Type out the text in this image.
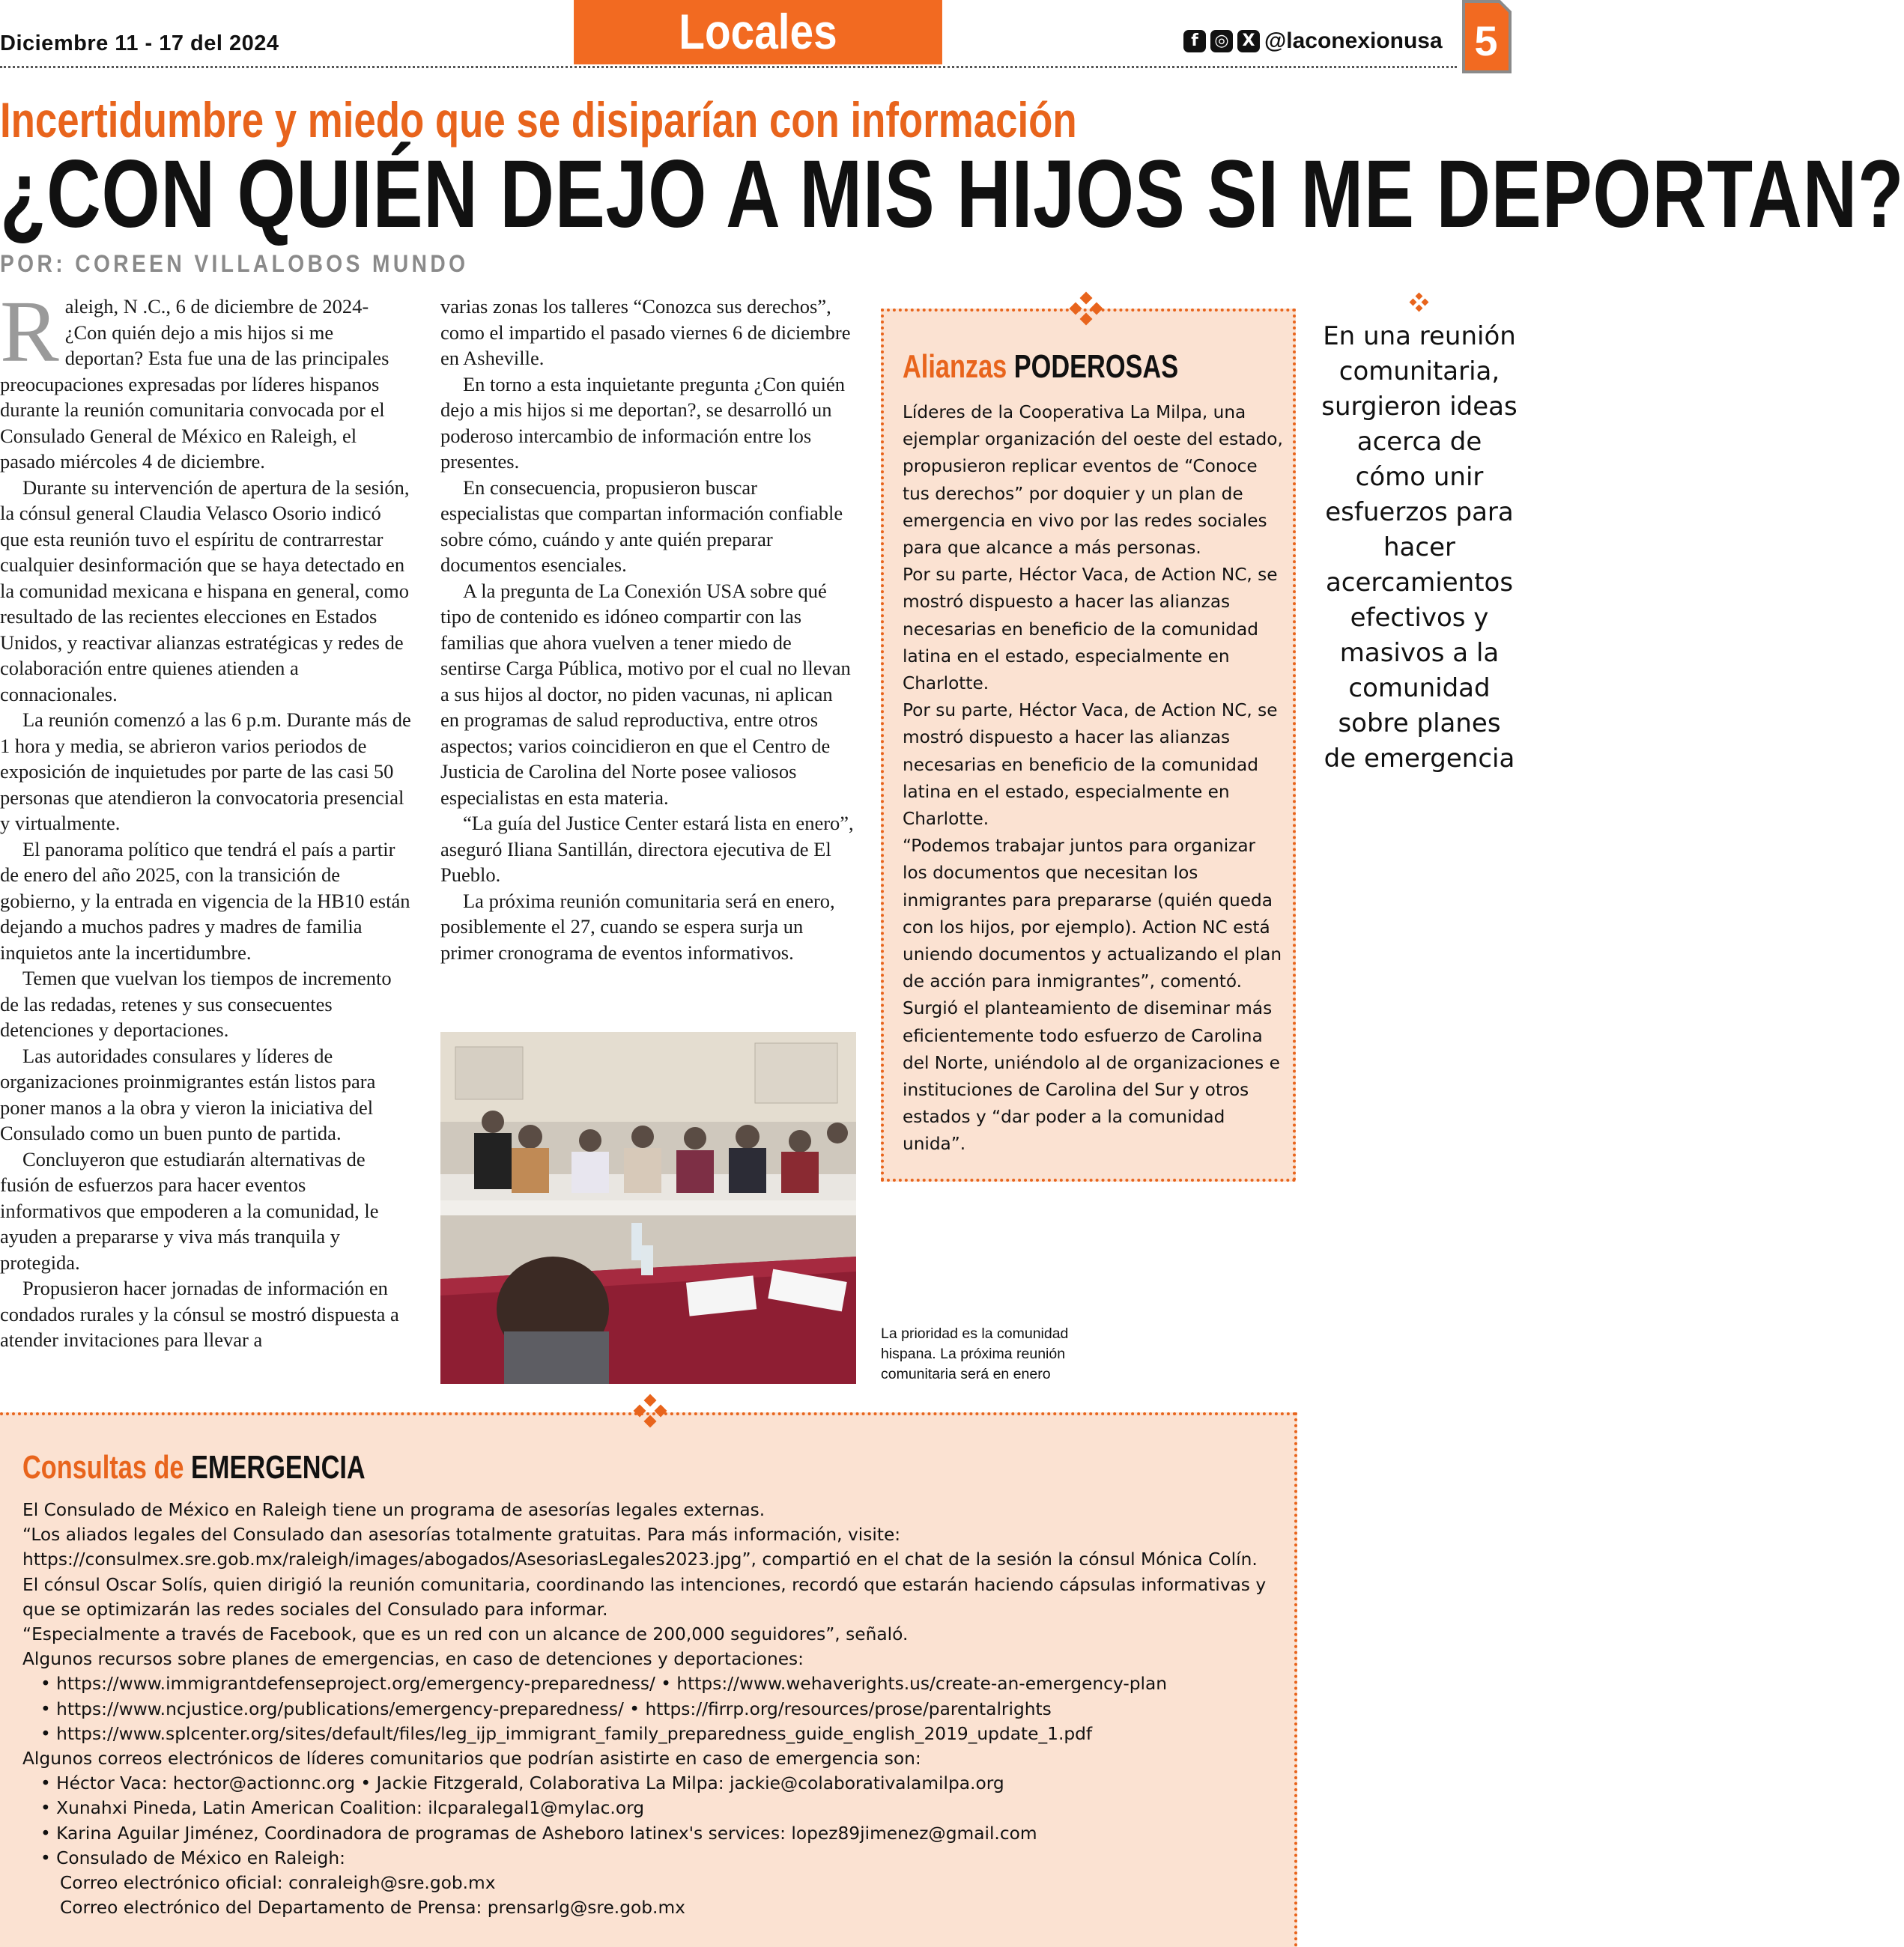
Diciembre 11 - 17 del 2024	Locales	f ◎ X @laconexionusa 5
Incertidumbre y miedo que se disiparían con información
¿CON QUIÉN DEJO A MIS HIJOS SI ME DEPORTAN?
POR: COREEN VILLALOBOS MUNDO

Raleigh, N .C., 6 de diciembre de 2024- ¿Con quién dejo a mis hijos si me deportan? Esta fue una de las principales preocupaciones expresadas por líderes hispanos durante la reunión comunitaria convocada por el Consulado General de México en Raleigh, el pasado miércoles 4 de diciembre.

Durante su intervención de apertura de la sesión, la cónsul general Claudia Velasco Osorio indicó que esta reunión tuvo el espíritu de contrarrestar cualquier desinformación que se haya detectado en la comunidad mexicana e hispana en general, como resultado de las recientes elecciones en Estados Unidos, y reactivar alianzas estratégicas y redes de colaboración entre quienes atienden a connacionales.

La reunión comenzó a las 6 p.m. Durante más de 1 hora y media, se abrieron varios periodos de exposición de inquietudes por parte de las casi 50 personas que atendieron la convocatoria presencial y virtualmente.

El panorama político que tendrá el país a partir de enero del año 2025, con la transición de gobierno, y la entrada en vigencia de la HB10 están dejando a muchos padres y madres de familia inquietos ante la incertidumbre.

Temen que vuelvan los tiempos de incremento de las redadas, retenes y sus consecuentes detenciones y deportaciones.

Las autoridades consulares y líderes de organizaciones proinmigrantes están listos para poner manos a la obra y vieron la iniciativa del Consulado como un buen punto de partida.

Concluyeron que estudiarán alternativas de fusión de esfuerzos para hacer eventos informativos que empoderen a la comunidad, le ayuden a prepararse y viva más tranquila y protegida.

Propusieron hacer jornadas de información en condados rurales y la cónsul se mostró dispuesta a atender invitaciones para llevar a

varias zonas los talleres “Conozca sus derechos”, como el impartido el pasado viernes 6 de diciembre en Asheville.

En torno a esta inquietante pregunta ¿Con quién dejo a mis hijos si me deportan?, se desarrolló un poderoso intercambio de información entre los presentes.

En consecuencia, propusieron buscar especialistas que compartan información confiable sobre cómo, cuándo y ante quién preparar documentos esenciales.

A la pregunta de La Conexión USA sobre qué tipo de contenido es idóneo compartir con las familias que ahora vuelven a tener miedo de sentirse Carga Pública, motivo por el cual no llevan a sus hijos al doctor, no piden vacunas, ni aplican en programas de salud reproductiva, entre otros aspectos; varios coincidieron en que el Centro de Justicia de Carolina del Norte posee valiosos especialistas en esta materia.

“La guía del Justice Center estará lista en enero”, aseguró Iliana Santillán, directora ejecutiva de El Pueblo.

La próxima reunión comunitaria será en enero, posiblemente el 27, cuando se espera surja un primer cronograma de eventos informativos.

La prioridad es la comunidad hispana. La próxima reunión comunitaria será en enero
Alianzas PODEROSAS

Líderes de la Cooperativa La Milpa, una ejemplar organización del oeste del estado, propusieron replicar eventos de “Conoce tus derechos” por doquier y un plan de emergencia en vivo por las redes sociales para que alcance a más personas.

Por su parte, Héctor Vaca, de Action NC, se mostró dispuesto a hacer las alianzas necesarias en beneficio de la comunidad latina en el estado, especialmente en Charlotte.

Por su parte, Héctor Vaca, de Action NC, se mostró dispuesto a hacer las alianzas necesarias en beneficio de la comunidad latina en el estado, especialmente en Charlotte.

“Podemos trabajar juntos para organizar los documentos que necesitan los inmigrantes para prepararse (quién queda con los hijos, por ejemplo). Action NC está uniendo documentos y actualizando el plan de acción para inmigrantes”, comentó.

Surgió el planteamiento de diseminar más eficientemente todo esfuerzo de Carolina del Norte, uniéndolo al de organizaciones e instituciones de Carolina del Sur y otros estados y “dar poder a la comunidad unida”.

En una reunión comunitaria, surgieron ideas acerca de cómo unir esfuerzos para hacer acercamientos efectivos y masivos a la comunidad sobre planes de emergencia
Consultas de EMERGENCIA

El Consulado de México en Raleigh tiene un programa de asesorías legales externas.

“Los aliados legales del Consulado dan asesorías totalmente gratuitas. Para más información, visite: https://consulmex.sre.gob.mx/raleigh/images/abogados/AsesoriasLegales2023.jpg”, compartió en el chat de la sesión la cónsul Mónica Colín.

El cónsul Oscar Solís, quien dirigió la reunión comunitaria, coordinando las intenciones, recordó que estarán haciendo cápsulas informativas y que se optimizarán las redes sociales del Consulado para informar.

“Especialmente a través de Facebook, que es un red con un alcance de 200,000 seguidores”, señaló.

Algunos recursos sobre planes de emergencias, en caso de detenciones y deportaciones:

• https://www.immigrantdefenseproject.org/emergency-preparedness/ • https://www.wehaverights.us/create-an-emergency-plan

• https://www.ncjustice.org/publications/emergency-preparedness/ • https://firrp.org/resources/prose/parentalrights

• https://www.splcenter.org/sites/default/files/leg_ijp_immigrant_family_preparedness_guide_english_2019_update_1.pdf

Algunos correos electrónicos de líderes comunitarios que podrían asistirte en caso de emergencia son:

• Héctor Vaca: hector@actionnc.org • Jackie Fitzgerald, Colaborativa La Milpa: jackie@colaborativalamilpa.org

• Xunahxi Pineda, Latin American Coalition: ilcparalegal1@mylac.org

• Karina Aguilar Jiménez, Coordinadora de programas de Asheboro latinex's services: lopez89jimenez@gmail.com

• Consulado de México en Raleigh:

Correo electrónico oficial: conraleigh@sre.gob.mx

Correo electrónico del Departamento de Prensa: prensarlg@sre.gob.mx
